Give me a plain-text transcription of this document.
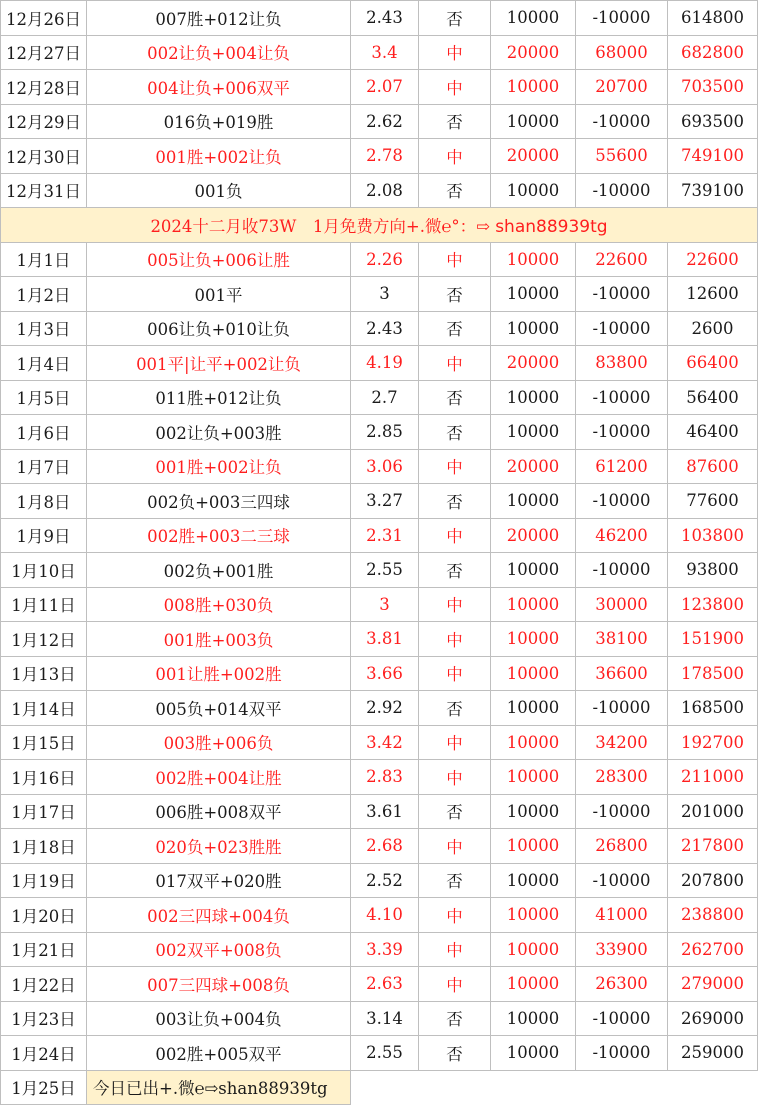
12月26日	007胜+012让负	2.43	否	10000	-10000	614800
12月27日	002让负+004让负	3.4	中	20000	68000	682800
12月28日	004让负+006双平	2.07	中	10000	20700	703500
12月29日	016负+019胜	2.62	否	10000	-10000	693500
12月30日	001胜+002让负	2.78	中	20000	55600	749100
12月31日	001负	2.08	否	10000	-10000	739100
2024十二月收73W　1月免费方向+.微℮°：⇨ shan88939tg						
1月1日	005让负+006让胜	2.26	中	10000	22600	22600
1月2日	001平	3	否	10000	-10000	12600
1月3日	006让负+010让负	2.43	否	10000	-10000	2600
1月4日	001平|让平+002让负	4.19	中	20000	83800	66400
1月5日	011胜+012让负	2.7	否	10000	-10000	56400
1月6日	002让负+003胜	2.85	否	10000	-10000	46400
1月7日	001胜+002让负	3.06	中	20000	61200	87600
1月8日	002负+003三四球	3.27	否	10000	-10000	77600
1月9日	002胜+003二三球	2.31	中	20000	46200	103800
1月10日	002负+001胜	2.55	否	10000	-10000	93800
1月11日	008胜+030负	3	中	10000	30000	123800
1月12日	001胜+003负	3.81	中	10000	38100	151900
1月13日	001让胜+002胜	3.66	中	10000	36600	178500
1月14日	005负+014双平	2.92	否	10000	-10000	168500
1月15日	003胜+006负	3.42	中	10000	34200	192700
1月16日	002胜+004让胜	2.83	中	10000	28300	211000
1月17日	006胜+008双平	3.61	否	10000	-10000	201000
1月18日	020负+023胜胜	2.68	中	10000	26800	217800
1月19日	017双平+020胜	2.52	否	10000	-10000	207800
1月20日	002三四球+004负	4.10	中	10000	41000	238800
1月21日	002双平+008负	3.39	中	10000	33900	262700
1月22日	007三四球+008负	2.63	中	10000	26300	279000
1月23日	003让负+004负	3.14	否	10000	-10000	269000
1月24日	002胜+005双平	2.55	否	10000	-10000	259000
1月25日	今日已出+.微℮⇨shan88939tg					
